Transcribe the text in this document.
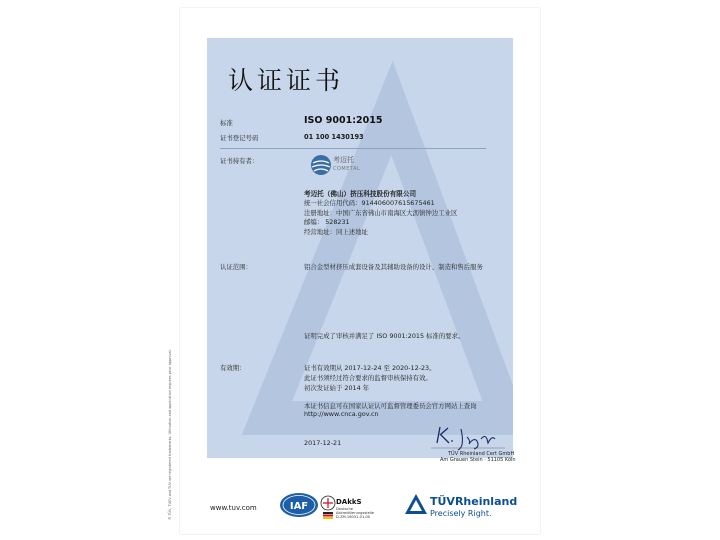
认证证书
标准	ISO 9001:2015
证书登记号码	01 100 1430193
证书持有者：	考迈托
COMETAL
考迈托（佛山）挤压科技股份有限公司
统一社会信用代码：914406007615675461
注册地址：中国广东省佛山市南海区大沥镇钟边工业区
邮编： 528231
经营地址：同上述地址
认证范围：	铝合金型材挤压成套设备及其辅助设备的设计、制造和售后服务
证明完成了审核并满足了 ISO 9001:2015 标准的要求。
有效期：	证书有效期从 2017-12-24 至 2020-12-23。
此证书须经过符合要求的监督审核保持有效。
初次发证始于 2014 年
本证书信息可在国家认证认可监督管理委员会官方网站上查询
http://www.cnca.gov.cn
2017-12-21
TÜV Rheinland Cert GmbH
Am Grauen Stein · 51105 Köln
www.tuv.com	IAF	DAkkS
Deutsche
Akkreditierungsstelle
D-ZM-16031-01-00
TÜVRheinland
Precisely Right.
® TÜV, TUEV and TUV are registered trademarks. Utilisation and application requires prior approval.
